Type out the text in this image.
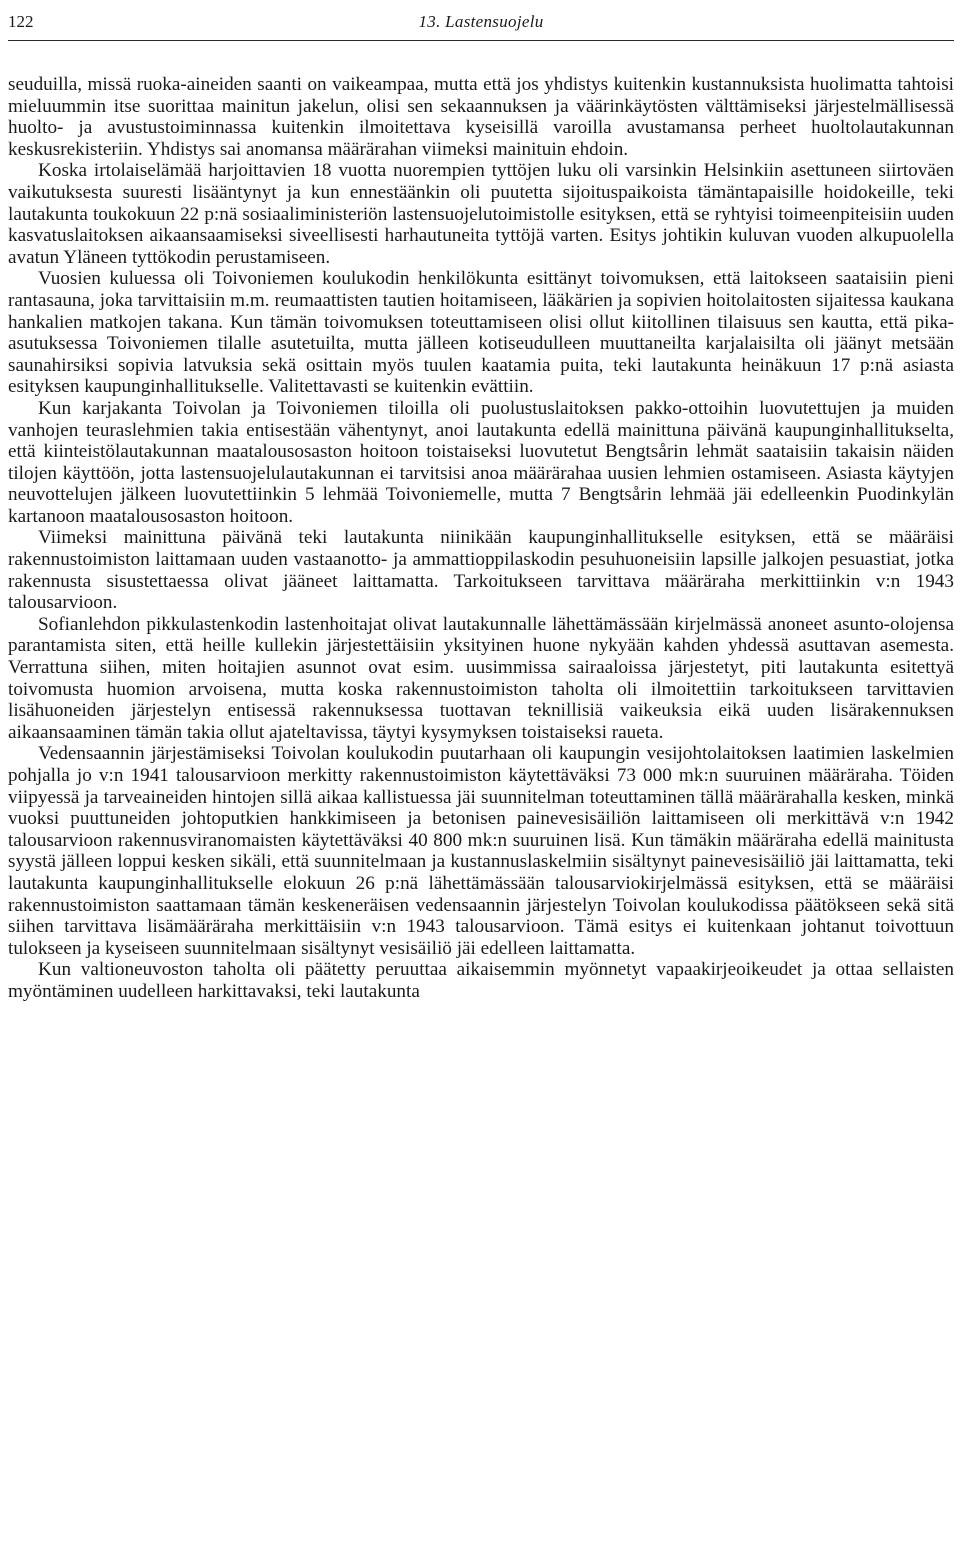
122	13. Lastensuojelu

seuduilla, missä ruoka-aineiden saanti on vaikeampaa, mutta että jos yhdistys kuitenkin kustannuksista huolimatta tahtoisi mieluummin itse suorittaa mainitun jakelun, olisi sen sekaannuksen ja väärinkäytösten välttämiseksi järjestelmällisessä huolto- ja avustustoiminnassa kuitenkin ilmoitettava kyseisillä varoilla avustamansa perheet huoltolautakunnan keskusrekisteriin. Yhdistys sai anomansa määrärahan viimeksi mainituin ehdoin.

Koska irtolaiselämää harjoittavien 18 vuotta nuorempien tyttöjen luku oli varsinkin Helsinkiin asettuneen siirtoväen vaikutuksesta suuresti lisääntynyt ja kun ennestäänkin oli puutetta sijoituspaikoista tämäntapaisille hoidokeille, teki lautakunta toukokuun 22 p:nä sosiaaliministeriön lastensuojelutoimistolle esityksen, että se ryhtyisi toimeenpiteisiin uuden kasvatuslaitoksen aikaansaamiseksi siveellisesti harhautuneita tyttöjä varten. Esitys johtikin kuluvan vuoden alkupuolella avatun Yläneen tyttökodin perustamiseen.

Vuosien kuluessa oli Toivoniemen koulukodin henkilökunta esittänyt toivomuksen, että laitokseen saataisiin pieni rantasauna, joka tarvittaisiin m.m. reumaattisten tautien hoitamiseen, lääkärien ja sopivien hoitolaitosten sijaitessa kaukana hankalien matkojen takana. Kun tämän toivomuksen toteuttamiseen olisi ollut kiitollinen tilaisuus sen kautta, että pika-asutuksessa Toivoniemen tilalle asutetuilta, mutta jälleen kotiseudulleen muuttaneilta karjalaisilta oli jäänyt metsään saunahirsiksi sopivia latvuksia sekä osittain myös tuulen kaatamia puita, teki lautakunta heinäkuun 17 p:nä asiasta esityksen kaupunginhallitukselle. Valitettavasti se kuitenkin evättiin.

Kun karjakanta Toivolan ja Toivoniemen tiloilla oli puolustuslaitoksen pakko-ottoihin luovutettujen ja muiden vanhojen teuraslehmien takia entisestään vähentynyt, anoi lautakunta edellä mainittuna päivänä kaupunginhallitukselta, että kiinteistölautakunnan maatalousosaston hoitoon toistaiseksi luovutetut Bengtsårin lehmät saataisiin takaisin näiden tilojen käyttöön, jotta lastensuojelulautakunnan ei tarvitsisi anoa määrärahaa uusien lehmien ostamiseen. Asiasta käytyjen neuvottelujen jälkeen luovutettiinkin 5 lehmää Toivoniemelle, mutta 7 Bengtsårin lehmää jäi edelleenkin Puodinkylän kartanoon maatalousosaston hoitoon.

Viimeksi mainittuna päivänä teki lautakunta niinikään kaupunginhallitukselle esityksen, että se määräisi rakennustoimiston laittamaan uuden vastaanotto- ja ammattioppilaskodin pesuhuoneisiin lapsille jalkojen pesuastiat, jotka rakennusta sisustettaessa olivat jääneet laittamatta. Tarkoitukseen tarvittava määräraha merkittiinkin v:n 1943 talousarvioon.

Sofianlehdon pikkulastenkodin lastenhoitajat olivat lautakunnalle lähettämässään kirjelmässä anoneet asunto-olojensa parantamista siten, että heille kullekin järjestettäisiin yksityinen huone nykyään kahden yhdessä asuttavan asemesta. Verrattuna siihen, miten hoitajien asunnot ovat esim. uusimmissa sairaaloissa järjestetyt, piti lautakunta esitettyä toivomusta huomion arvoisena, mutta koska rakennustoimiston taholta oli ilmoitettiin tarkoitukseen tarvittavien lisähuoneiden järjestelyn entisessä rakennuksessa tuottavan teknillisiä vaikeuksia eikä uuden lisärakennuksen aikaansaaminen tämän takia ollut ajateltavissa, täytyi kysymyksen toistaiseksi raueta.

Vedensaannin järjestämiseksi Toivolan koulukodin puutarhaan oli kaupungin vesijohtolaitoksen laatimien laskelmien pohjalla jo v:n 1941 talousarvioon merkitty rakennustoimiston käytettäväksi 73 000 mk:n suuruinen määräraha. Töiden viipyessä ja tarveaineiden hintojen sillä aikaa kallistuessa jäi suunnitelman toteuttaminen tällä määrärahalla kesken, minkä vuoksi puuttuneiden johtoputkien hankkimiseen ja betonisen painevesisäiliön laittamiseen oli merkittävä v:n 1942 talousarvioon rakennusviranomaisten käytettäväksi 40 800 mk:n suuruinen lisä. Kun tämäkin määräraha edellä mainitusta syystä jälleen loppui kesken sikäli, että suunnitelmaan ja kustannuslaskelmiin sisältynyt painevesisäiliö jäi laittamatta, teki lautakunta kaupunginhallitukselle elokuun 26 p:nä lähettämässään talousarviokirjelmässä esityksen, että se määräisi rakennustoimiston saattamaan tämän keskeneräisen vedensaannin järjestelyn Toivolan koulukodissa päätökseen sekä sitä siihen tarvittava lisämääräraha merkittäisiin v:n 1943 talousarvioon. Tämä esitys ei kuitenkaan johtanut toivottuun tulokseen ja kyseiseen suunnitelmaan sisältynyt vesisäiliö jäi edelleen laittamatta.

Kun valtioneuvoston taholta oli päätetty peruuttaa aikaisemmin myönnetyt vapaakirjeoikeudet ja ottaa sellaisten myöntäminen uudelleen harkittavaksi, teki lautakunta
